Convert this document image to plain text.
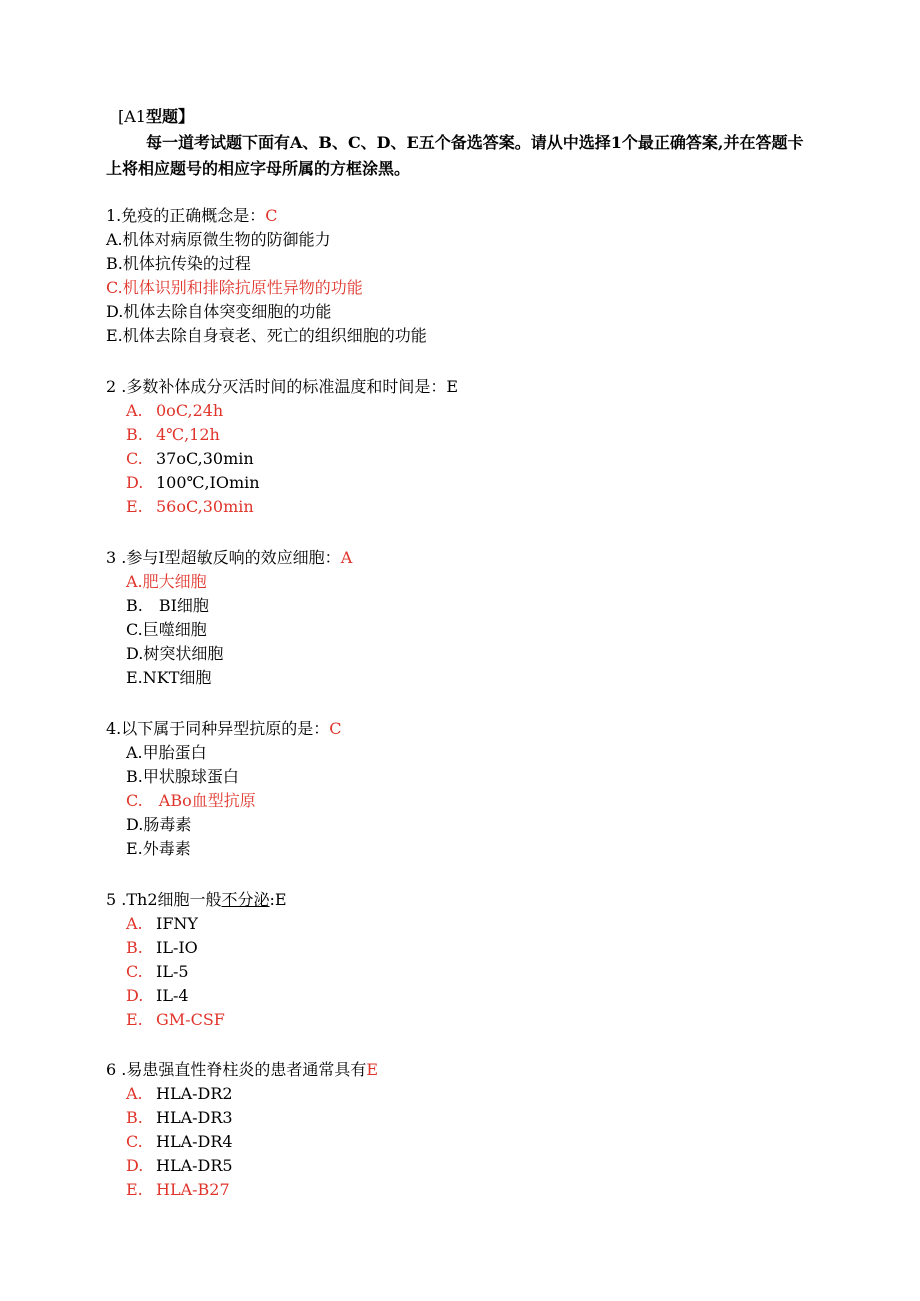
[A1型题】

每一道考试题下面有A、B、C、D、E五个备选答案。请从中选择1个最正确答案,并在答题卡上将相应题号的相应字母所属的方框涂黑。

1.免疫的正确概念是：C
A.机体对病原微生物的防御能力
B.机体抗传染的过程
C.机体识别和排除抗原性异物的功能
D.机体去除自体突变细胞的功能
E.机体去除自身衰老、死亡的组织细胞的功能
2 .多数补体成分灭活时间的标准温度和时间是：E
A. 0oC,24h
B. 4℃,12h
C. 37oC,30min
D. 100℃,IOmin
E. 56oC,30min
3 .参与I型超敏反响的效应细胞：A
A.肥大细胞
B.　BI细胞
C.巨噬细胞
D.树突状细胞
E.NKT细胞
4.以下属于同种异型抗原的是：C
A.甲胎蛋白
B.甲状腺球蛋白
C.　ABo血型抗原
D.肠毒素
E.外毒素
5 .Th2细胞一般不分泌:E
A. IFNY
B. IL-IO
C. IL-5
D. IL-4
E. GM-CSF
6 .易患强直性脊柱炎的患者通常具有E
A. HLA-DR2
B. HLA-DR3
C. HLA-DR4
D. HLA-DR5
E. HLA-B27
